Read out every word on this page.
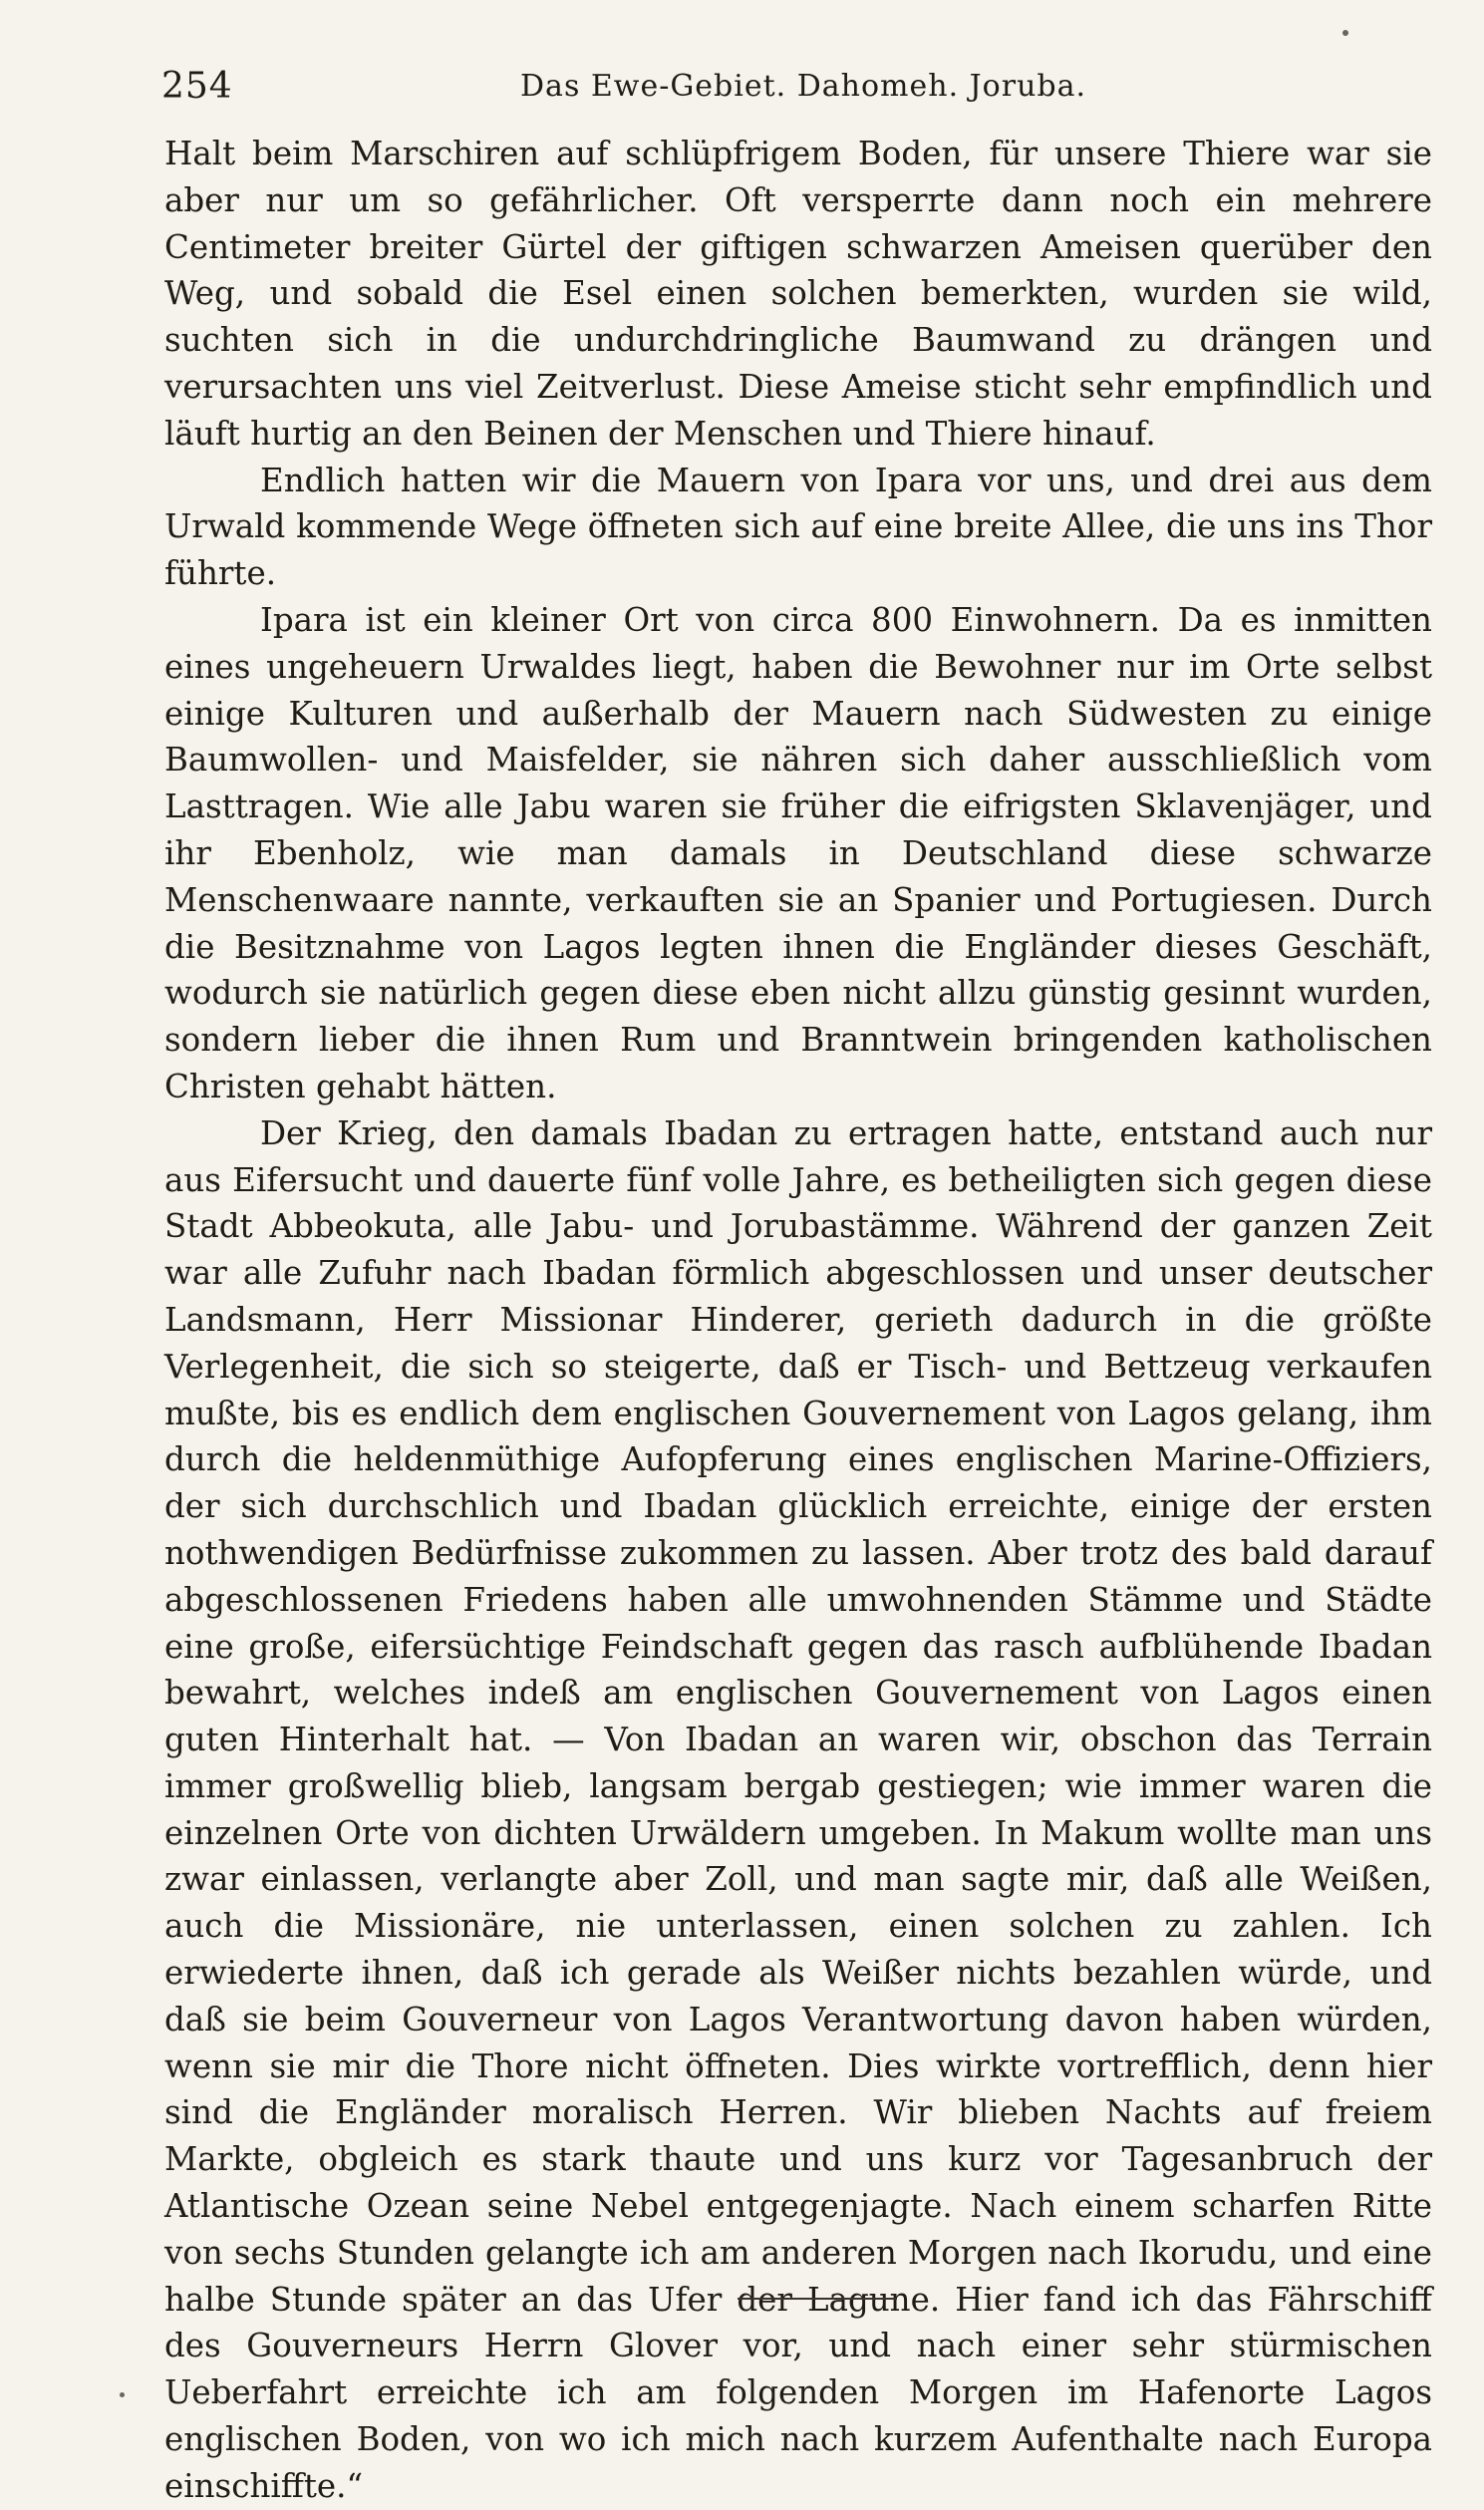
254	Das Ewe-Gebiet. Dahomeh. Joruba.

Halt beim Marschiren auf schlüpfrigem Boden, für unsere Thiere war sie aber nur um so gefährlicher. Oft versperrte dann noch ein mehrere Centimeter breiter Gürtel der giftigen schwarzen Ameisen querüber den Weg, und sobald die Esel einen solchen bemerkten, wurden sie wild, suchten sich in die undurchdringliche Baumwand zu drängen und verursachten uns viel Zeitverlust. Diese Ameise sticht sehr empfindlich und läuft hurtig an den Beinen der Menschen und Thiere hinauf.

Endlich hatten wir die Mauern von Ipara vor uns, und drei aus dem Urwald kommende Wege öffneten sich auf eine breite Allee, die uns ins Thor führte.

Ipara ist ein kleiner Ort von circa 800 Einwohnern. Da es inmitten eines ungeheuern Urwaldes liegt, haben die Bewohner nur im Orte selbst einige Kulturen und außerhalb der Mauern nach Südwesten zu einige Baumwollen- und Maisfelder, sie nähren sich daher ausschließlich vom Lasttragen. Wie alle Jabu waren sie früher die eifrigsten Sklavenjäger, und ihr Ebenholz, wie man damals in Deutschland diese schwarze Menschenwaare nannte, verkauften sie an Spanier und Portugiesen. Durch die Besitznahme von Lagos legten ihnen die Engländer dieses Geschäft, wodurch sie natürlich gegen diese eben nicht allzu günstig gesinnt wurden, sondern lieber die ihnen Rum und Branntwein bringenden katholischen Christen gehabt hätten.

Der Krieg, den damals Ibadan zu ertragen hatte, entstand auch nur aus Eifersucht und dauerte fünf volle Jahre, es betheiligten sich gegen diese Stadt Abbeokuta, alle Jabu- und Jorubastämme. Während der ganzen Zeit war alle Zufuhr nach Ibadan förmlich abgeschlossen und unser deutscher Landsmann, Herr Missionar Hinderer, gerieth dadurch in die größte Verlegenheit, die sich so steigerte, daß er Tisch- und Bettzeug verkaufen mußte, bis es endlich dem englischen Gouvernement von Lagos gelang, ihm durch die heldenmüthige Aufopferung eines englischen Marine-Offiziers, der sich durchschlich und Ibadan glücklich erreichte, einige der ersten nothwendigen Bedürfnisse zukommen zu lassen. Aber trotz des bald darauf abgeschlossenen Friedens haben alle umwohnenden Stämme und Städte eine große, eifersüchtige Feindschaft gegen das rasch aufblühende Ibadan bewahrt, welches indeß am englischen Gouvernement von Lagos einen guten Hinterhalt hat. — Von Ibadan an waren wir, obschon das Terrain immer großwellig blieb, langsam bergab gestiegen; wie immer waren die einzelnen Orte von dichten Urwäldern umgeben. In Makum wollte man uns zwar einlassen, verlangte aber Zoll, und man sagte mir, daß alle Weißen, auch die Missionäre, nie unterlassen, einen solchen zu zahlen. Ich erwiederte ihnen, daß ich gerade als Weißer nichts bezahlen würde, und daß sie beim Gouverneur von Lagos Verantwortung davon haben würden, wenn sie mir die Thore nicht öffneten. Dies wirkte vortrefflich, denn hier sind die Engländer moralisch Herren. Wir blieben Nachts auf freiem Markte, obgleich es stark thaute und uns kurz vor Tagesanbruch der Atlantische Ozean seine Nebel entgegenjagte. Nach einem scharfen Ritte von sechs Stunden gelangte ich am anderen Morgen nach Ikorudu, und eine halbe Stunde später an das Ufer der Lagune. Hier fand ich das Fährschiff des Gouverneurs Herrn Glover vor, und nach einer sehr stürmischen Ueberfahrt erreichte ich am folgenden Morgen im Hafenorte Lagos englischen Boden, von wo ich mich nach kurzem Aufenthalte nach Europa einschiffte.“
